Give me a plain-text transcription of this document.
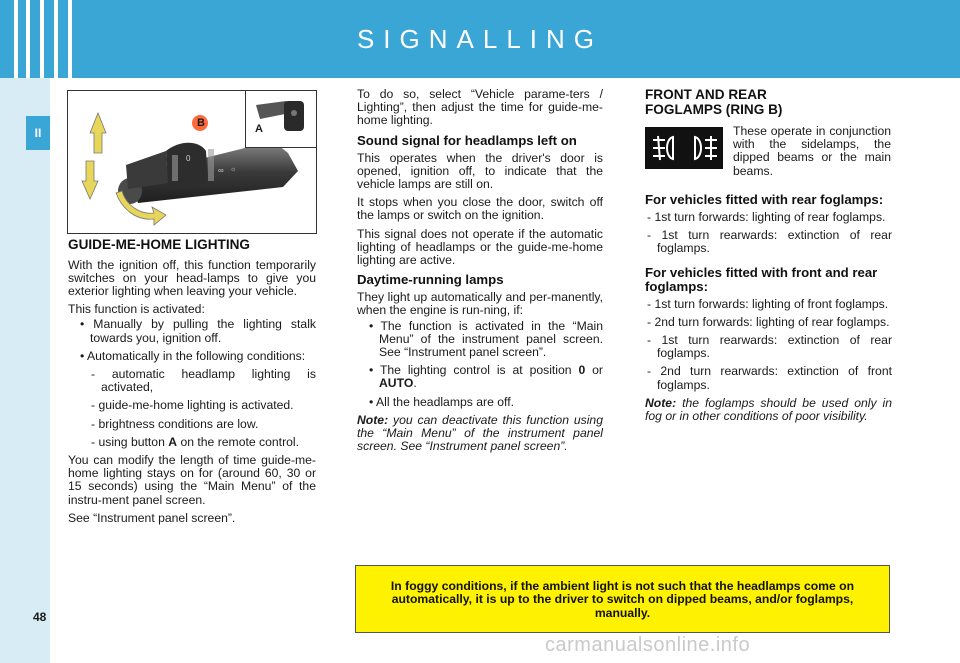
SIGNALLING
II
48
0
∞ ☼
B	A
GUIDE-ME-HOME LIGHTING

With the ignition off, this function temporarily switches on your head-lamps to give you exterior lighting when leaving your vehicle.

This function is activated:

• Manually by pulling the lighting stalk towards you, ignition off.

• Automatically in the following conditions:

- automatic headlamp lighting is activated,

- guide-me-home lighting is activated.

- brightness conditions are low.

- using button A on the remote control.

You can modify the length of time guide-me-home lighting stays on for (around 60, 30 or 15 seconds) using the “Main Menu” of the instru-ment panel screen.

See “Instrument panel screen”.

To do so, select “Vehicle parame-ters / Lighting”, then adjust the time for guide-me-home lighting.

Sound signal for headlamps left on

This operates when the driver's door is opened, ignition off, to indicate that the vehicle lamps are still on.

It stops when you close the door, switch off the lamps or switch on the ignition.

This signal does not operate if the automatic lighting of headlamps or the guide-me-home lighting are active.

Daytime-running lamps

They light up automatically and per-manently, when the engine is run-ning, if:

• The function is activated in the “Main Menu” of the instrument panel screen. See “Instrument panel screen”.

• The lighting control is at position 0 or AUTO.

• All the headlamps are off.

Note: you can deactivate this function using the “Main Menu” of the instrument panel screen. See “Instrument panel screen”.

FRONT AND REAR
FOGLAMPS (RING B)

These operate in conjunction with the sidelamps, the dipped beams or the main beams.

For vehicles fitted with rear foglamps:

- 1st turn forwards: lighting of rear foglamps.

- 1st turn rearwards: extinction of rear foglamps.

For vehicles fitted with front and rear foglamps:

- 1st turn forwards: lighting of front foglamps.

- 2nd turn forwards: lighting of rear foglamps.

- 1st turn rearwards: extinction of rear foglamps.

- 2nd turn rearwards: extinction of front foglamps.

Note: the foglamps should be used only in fog or in other conditions of poor visibility.

In foggy conditions, if the ambient light is not such that the headlamps come on automatically, it is up to the driver to switch on dipped beams, and/or foglamps, manually.
carmanualsonline.info
